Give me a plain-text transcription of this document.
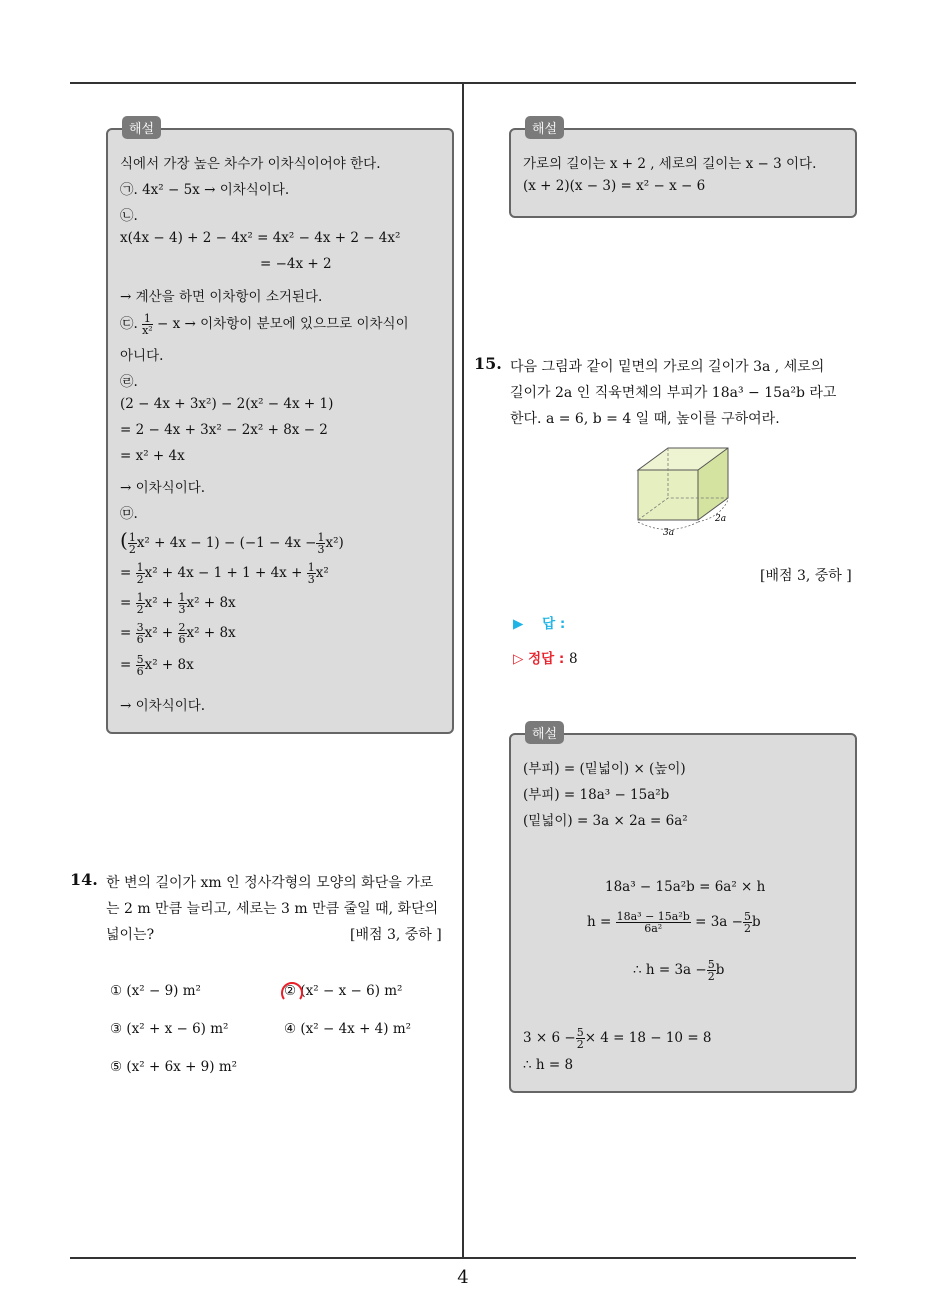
해설
식에서 가장 높은 차수가 이차식이어야 한다.
㉠. 4x² − 5x → 이차식이다.
㉡.
x(4x − 4) + 2 − 4x² = 4x² − 4x + 2 − 4x²
= −4x + 2
→ 계산을 하면 이차항이 소거된다.
㉢. $\frac{1}{\text{x²}} - x$ → 이차항이 분모에 있으므로 이차식이
아니다.
㉣.
(2 − 4x + 3x²) − 2(x² − 4x + 1)
= 2 − 4x + 3x² − 2x² + 8x − 2
= x² + 4x
→ 이차식이다.
㉤.
( $\frac{1}{2} x^2 + 4x - 1) - (-1 - 4x - \frac{1}{3} x^2)$
= $\frac{1}{2} x^2 + 4x - 1 + 1 + 4x + \frac{1}{3} x^2$
= $\frac{1}{2} x^2 + \frac{1}{3} x^2 + 8x$
= $\frac{3}{6} x^2 + \frac{2}{6} x^2 + 8x$
= $\frac{5}{6} x^2 + 8x$
→ 이차식이다.
해설
가로의 길이는 x + 2 , 세로의 길이는 x − 3 이다.
(x + 2)(x − 3) = x² − x − 6
15. 다음 그림과 같이 밑면의 가로의 길이가 3a , 세로의
길이가 2a 인 직육면체의 부피가 18a³ − 15a²b 라고
한다. a = 6, b = 4 일 때, 높이를 구하여라.
3a
2a
[배점 3, 중하 ]
▶ 답 :
▷ 정답 : 8
해설
(부피) = (밑넓이) × (높이)
(부피) = 18a³ − 15a²b
(밑넓이) = 3a × 2a = 6a²
18a³ − 15a²b = 6a² × h
$h = \frac{\text{18a³ − 15a²b}}{\text{6a²}} = 3a - \frac{5}{2}$ b
∴ $h = 3a - \frac{5}{2}$ b
$3 \times 6 - \frac{5}{2} \times 4 = 18 - 10 = 8$
∴ h = 8
14. 한 변의 길이가 xm 인 정사각형의 모양의 화단을 가로
는 2 m 만큼 늘리고, 세로는 3 m 만큼 줄일 때, 화단의
넓이는?	[배점 3, 중하 ]
① (x² − 9) m²	② (x² − x − 6) m²
③ (x² + x − 6) m²	④ (x² − 4x + 4) m²
⑤ (x² + 6x + 9) m²
4
